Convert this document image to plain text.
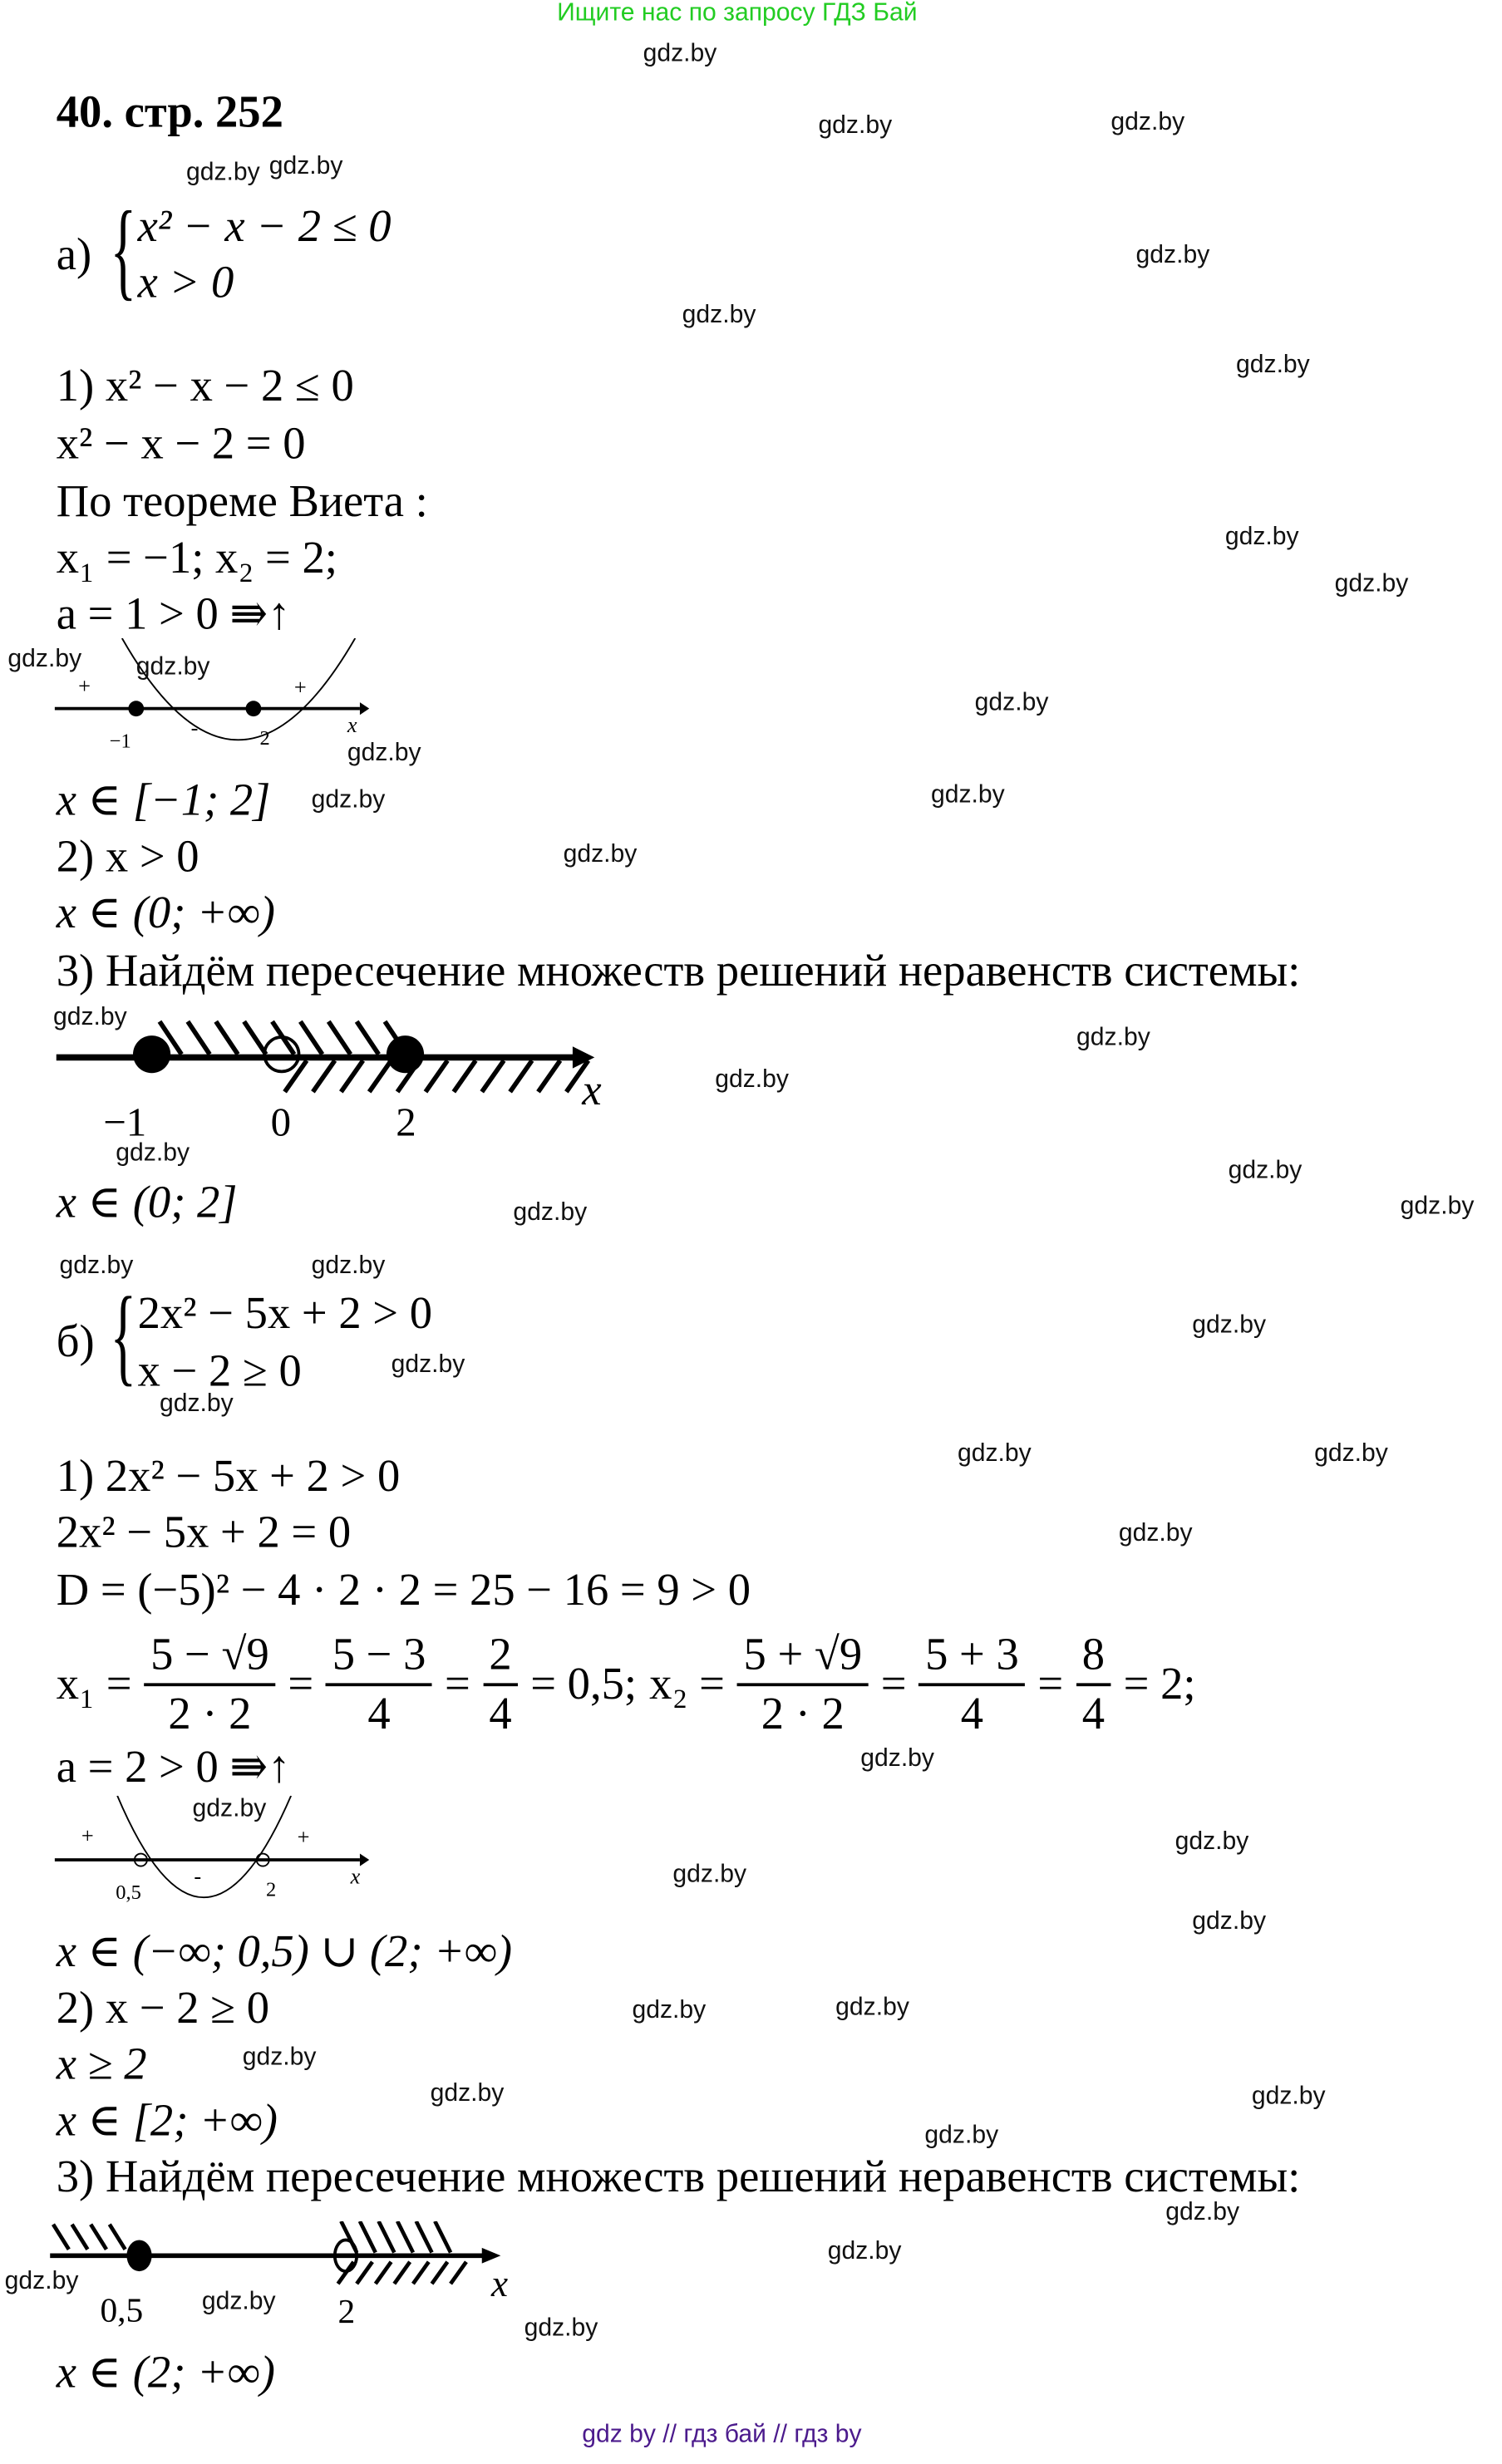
Ищите нас по запросу ГДЗ Бай
40. стр. 252
а) { x² − x − 2 ≤ 0
x > 0
1) x² − x − 2 ≤ 0
x² − x − 2 = 0
По теореме Виета :
x₁ = −1; x₂ = 2;
a = 1 > 0 ⇛↑
+	+
-
−1	2
x
x ∈ [−1; 2]
2) x > 0
x ∈ (0; +∞)
3) Найдём пересечение множеств решений неравенств системы:
−1	0	2
x
x ∈ (0; 2]
б) { 2x² − 5x + 2 > 0
x − 2 ≥ 0
1) 2x² − 5x + 2 > 0
2x² − 5x + 2 = 0
D = (−5)² − 4 · 2 · 2 = 25 − 16 = 9 > 0
$x_1 = \frac{5 - √9}{2 \cdot 2} = \frac{5 - 3}{4} = \frac{2}{4} = 0,5$; $x_2 = \frac{5 + √9}{2 \cdot 2} = \frac{5 + 3}{4} = \frac{8}{4} = 2$;
a = 2 > 0 ⇛↑
+	+
-
0,5	2
x
x ∈ (−∞; 0,5) ∪ (2; +∞)
2) x − 2 ≥ 0
x ≥ 2
x ∈ [2; +∞)
3) Найдём пересечение множеств решений неравенств системы:
0,5	2
x
x ∈ (2; +∞)
gdz by // гдз бай // гдз by
gdz.by
gdz.by	gdz.by
gdz.by gdz.by
gdz.by
gdz.by
gdz.by
gdz.by
gdz.by
gdz.by	gdz.by
gdz.by
gdz.by
gdz.by	gdz.by
gdz.by
gdz.by
gdz.by
gdz.by
gdz.by
gdz.by
gdz.by
gdz.by
gdz.by	gdz.by
gdz.by
gdz.by
gdz.by
gdz.by	gdz.by
gdz.by
gdz.by
gdz.by
gdz.by
gdz.by
gdz.by
gdz.by	gdz.by
gdz.by
gdz.by	gdz.by
gdz.by
gdz.by
gdz.by
gdz.by
gdz.by
gdz.by
